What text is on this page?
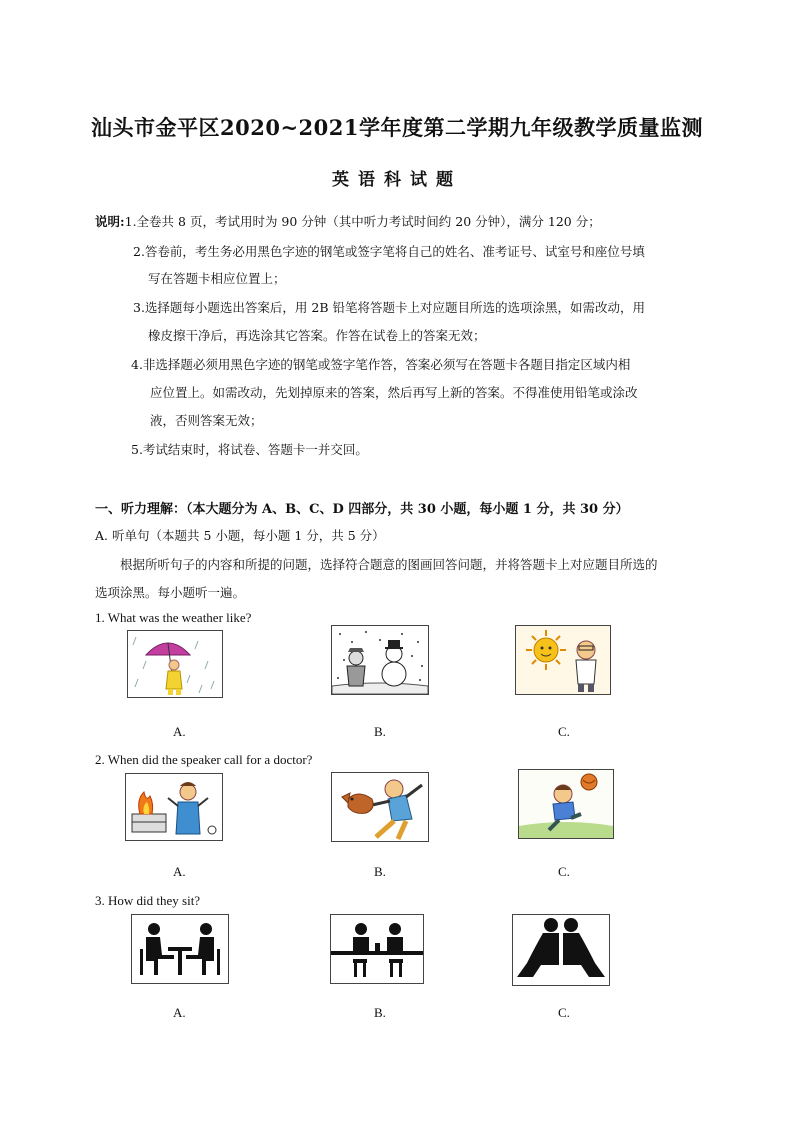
汕头市金平区2020~2021学年度第二学期九年级教学质量监测
英语科试题
说明:1.全卷共 8 页，考试用时为 90 分钟（其中听力考试时间约 20 分钟），满分 120 分；
2.答卷前，考生务必用黑色字迹的钢笔或签字笔将自己的姓名、准考证号、试室号和座位号填
写在答题卡相应位置上；
3.选择题每小题选出答案后，用 2B 铅笔将答题卡上对应题目所选的选项涂黑，如需改动，用
橡皮擦干净后，再选涂其它答案。作答在试卷上的答案无效；
4.非选择题必须用黑色字迹的钢笔或签字笔作答，答案必须写在答题卡各题目指定区域内相
应位置上。如需改动，先划掉原来的答案，然后再写上新的答案。不得准使用铅笔或涂改
液，否则答案无效；
5.考试结束时，将试卷、答题卡一并交回。
一、听力理解：（本大题分为 A、B、C、D 四部分，共 30 小题，每小题 1 分，共 30 分）
A. 听单句（本题共 5 小题，每小题 1 分，共 5 分）
根据所听句子的内容和所提的问题，选择符合题意的图画回答问题，并将答题卡上对应题目所选的
选项涂黑。每小题听一遍。
1. What was the weather like?
A.	B.	C.
2. When did the speaker call for a doctor?
A.	B.	C.
3. How did they sit?
A.	B.	C.
